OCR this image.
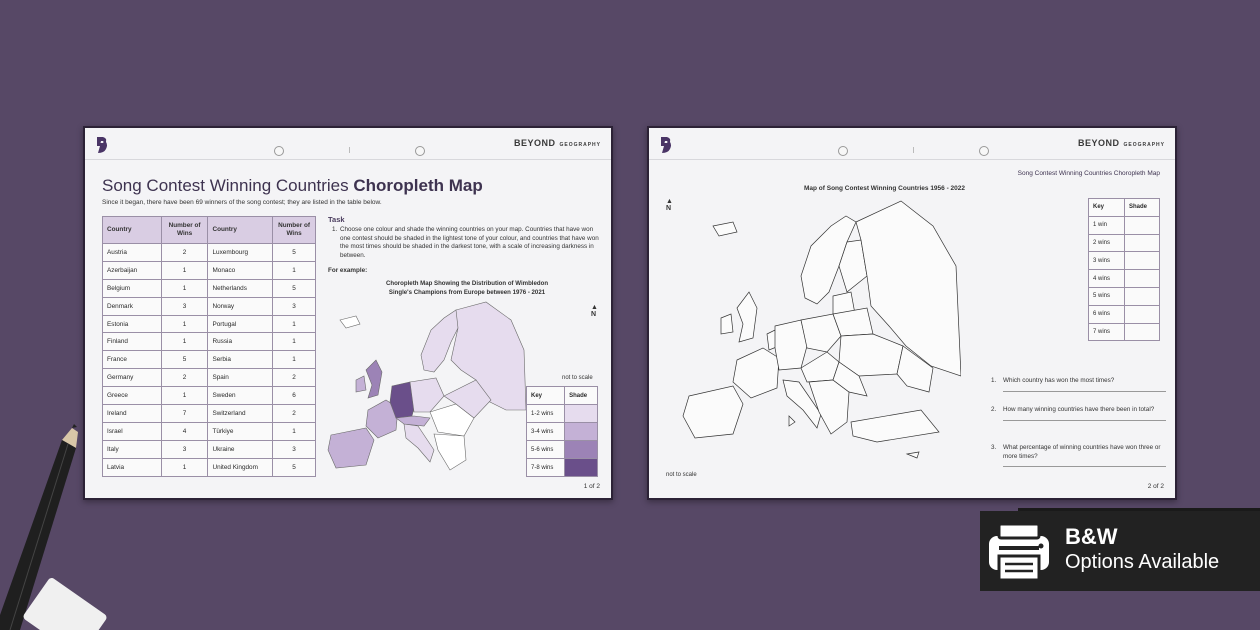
BEYOND GEOGRAPHY
Song Contest Winning Countries Choropleth Map
Since it began, there have been 69 winners of the song contest; they are listed in the table below.
Country	Number of Wins	Country	Number of Wins
Austria	2	Luxembourg	5
Azerbaijan	1	Monaco	1
Belgium	1	Netherlands	5
Denmark	3	Norway	3
Estonia	1	Portugal	1
Finland	1	Russia	1
France	5	Serbia	1
Germany	2	Spain	2
Greece	1	Sweden	6
Ireland	7	Switzerland	2
Israel	4	Türkiye	1
Italy	3	Ukraine	3
Latvia	1	United Kingdom	5
Task
1. Choose one colour and shade the winning countries on your map. Countries that have won one contest should be shaded in the lightest tone of your colour, and countries that have won the most times should be shaded in the darkest tone, with a scale of increasing darkness in between.
For example:
Choropleth Map Showing the Distribution of Wimbledon
Single's Champions from Europe between 1976 - 2021
▲
N
not to scale
Key	Shade
1-2 wins	
3-4 wins	
5-6 wins	
7-8 wins	
1 of 2
BEYOND GEOGRAPHY
Song Contest Winning Countries Choropleth Map
Map of Song Contest Winning Countries 1956 - 2022
▲
N	Key	Shade
1 win	
2 wins	
3 wins	
4 wins	
5 wins	
6 wins	
7 wins	
1.	Which country has won the most times?
2.	How many winning countries have there been in total?
3.	What percentage of winning countries have won three or more times?
not to scale
2 of 2
B&W
Options Available
